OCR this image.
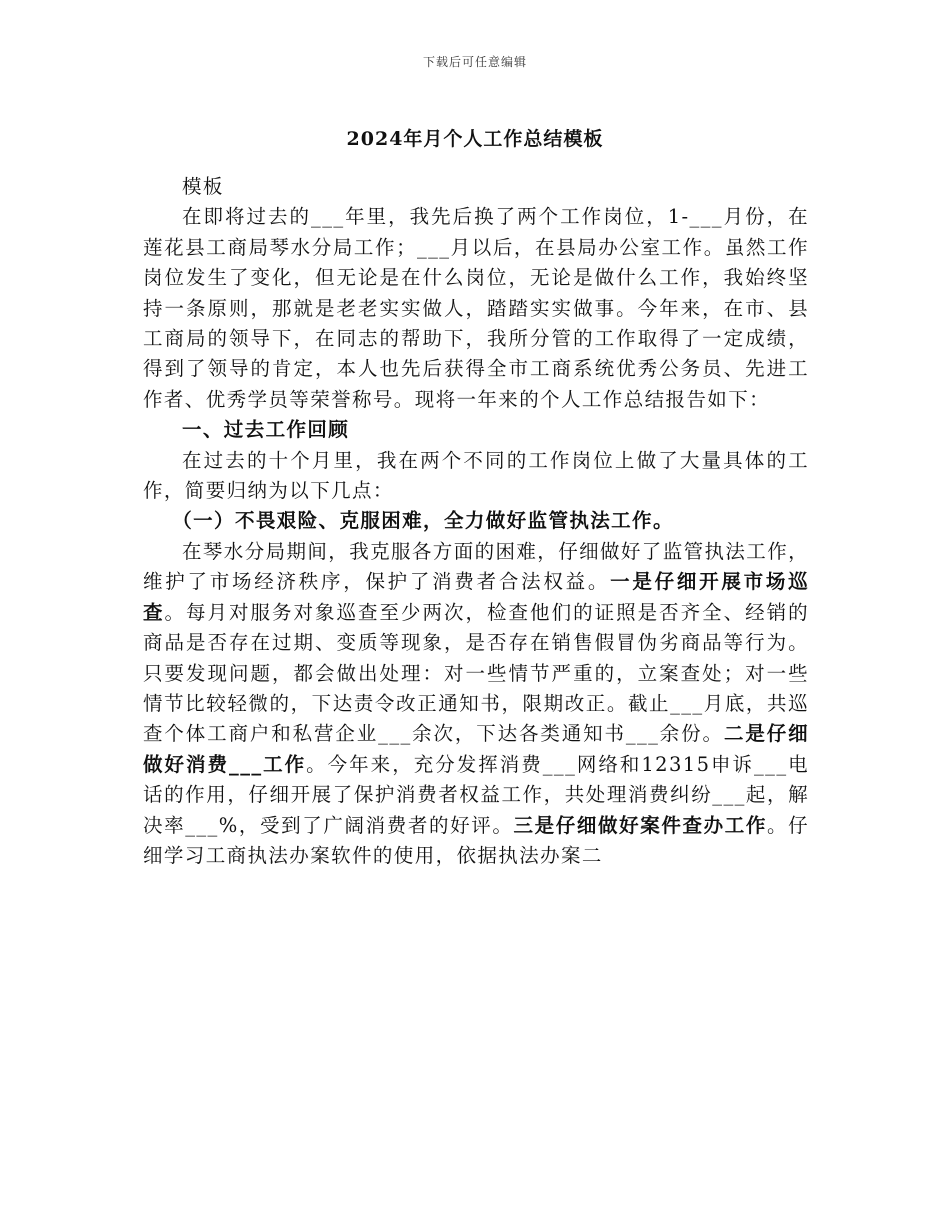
下载后可任意编辑
2024年月个人工作总结模板

模板

在即将过去的___年里，我先后换了两个工作岗位，1-___月份，在莲花县工商局琴水分局工作；___月以后，在县局办公室工作。虽然工作岗位发生了变化，但无论是在什么岗位，无论是做什么工作，我始终坚持一条原则，那就是老老实实做人，踏踏实实做事。今年来，在市、县工商局的领导下，在同志的帮助下，我所分管的工作取得了一定成绩，得到了领导的肯定，本人也先后获得全市工商系统优秀公务员、先进工作者、优秀学员等荣誉称号。现将一年来的个人工作总结报告如下：

一、过去工作回顾

在过去的十个月里，我在两个不同的工作岗位上做了大量具体的工作，简要归纳为以下几点：

（一）不畏艰险、克服困难，全力做好监管执法工作。

在琴水分局期间，我克服各方面的困难，仔细做好了监管执法工作，维护了市场经济秩序，保护了消费者合法权益。一是仔细开展市场巡查。每月对服务对象巡查至少两次，检查他们的证照是否齐全、经销的商品是否存在过期、变质等现象，是否存在销售假冒伪劣商品等行为。只要发现问题，都会做出处理：对一些情节严重的，立案查处；对一些情节比较轻微的，下达责令改正通知书，限期改正。截止___月底，共巡查个体工商户和私营企业___余次，下达各类通知书___余份。二是仔细做好消费___工作。今年来，充分发挥消费___网络和12315申诉___电话的作用，仔细开展了保护消费者权益工作，共处理消费纠纷___起，解决率___%，受到了广阔消费者的好评。三是仔细做好案件查办工作。仔细学习工商执法办案软件的使用，依据执法办案二
